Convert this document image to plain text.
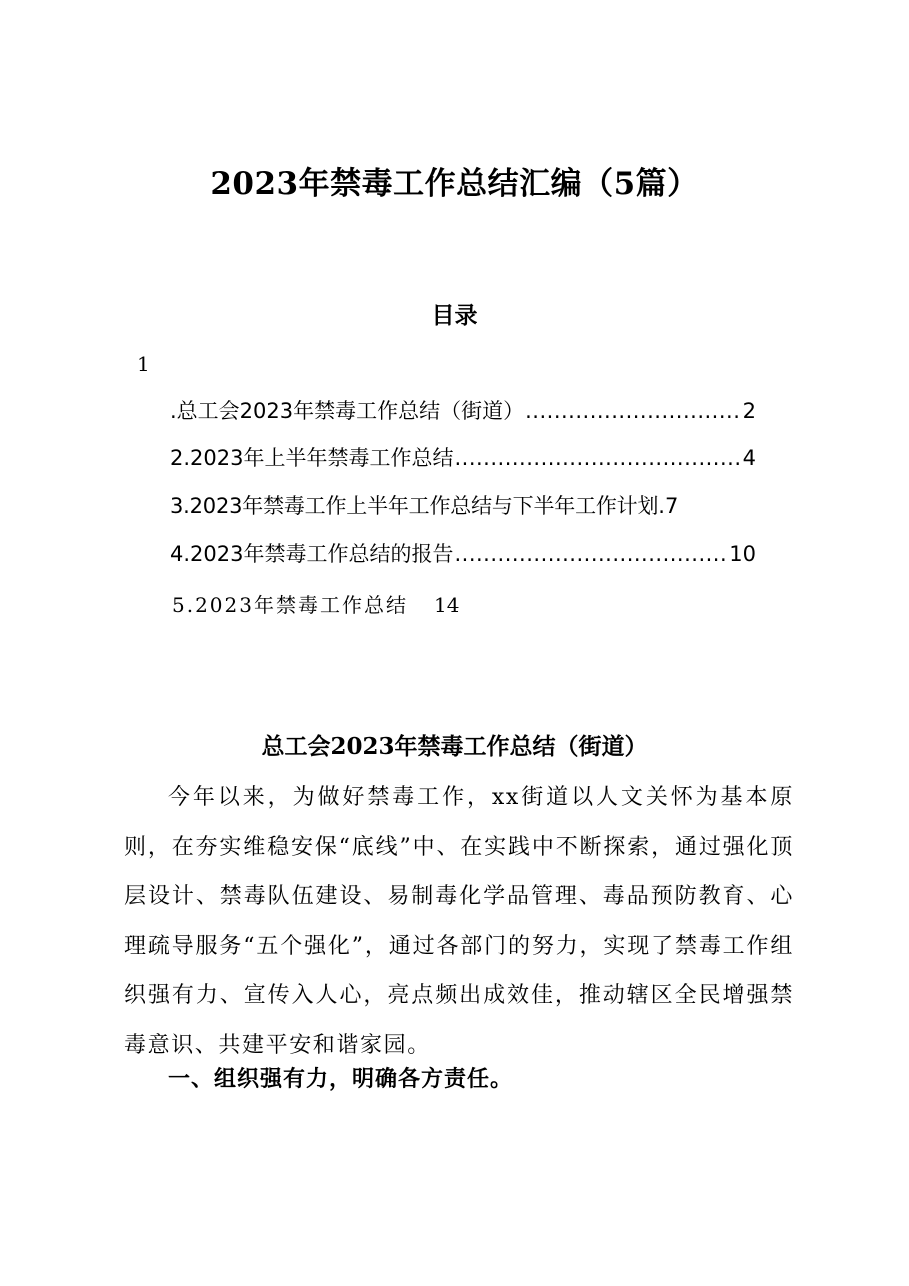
2023年禁毒工作总结汇编（5篇）
目录
1
.总工会2023年禁毒工作总结（街道） .....	2
2.2023年上半年禁毒工作总结 .....	4
3.2023年禁毒工作上半年工作总结与下半年工作计划 .7
4.2023年禁毒工作总结的报告 .....	10
5.2023年禁毒工作总结 14
总工会2023年禁毒工作总结（街道）

今年以来，为做好禁毒工作，xx街道以人文关怀为基本原则，在夯实维稳安保“底线”中、在实践中不断探索，通过强化顶层设计、禁毒队伍建设、易制毒化学品管理、毒品预防教育、心理疏导服务“五个强化”，通过各部门的努力，实现了禁毒工作组织强有力、宣传入人心，亮点频出成效佳，推动辖区全民增强禁毒意识、共建平安和谐家园。

一、组织强有力，明确各方责任。
